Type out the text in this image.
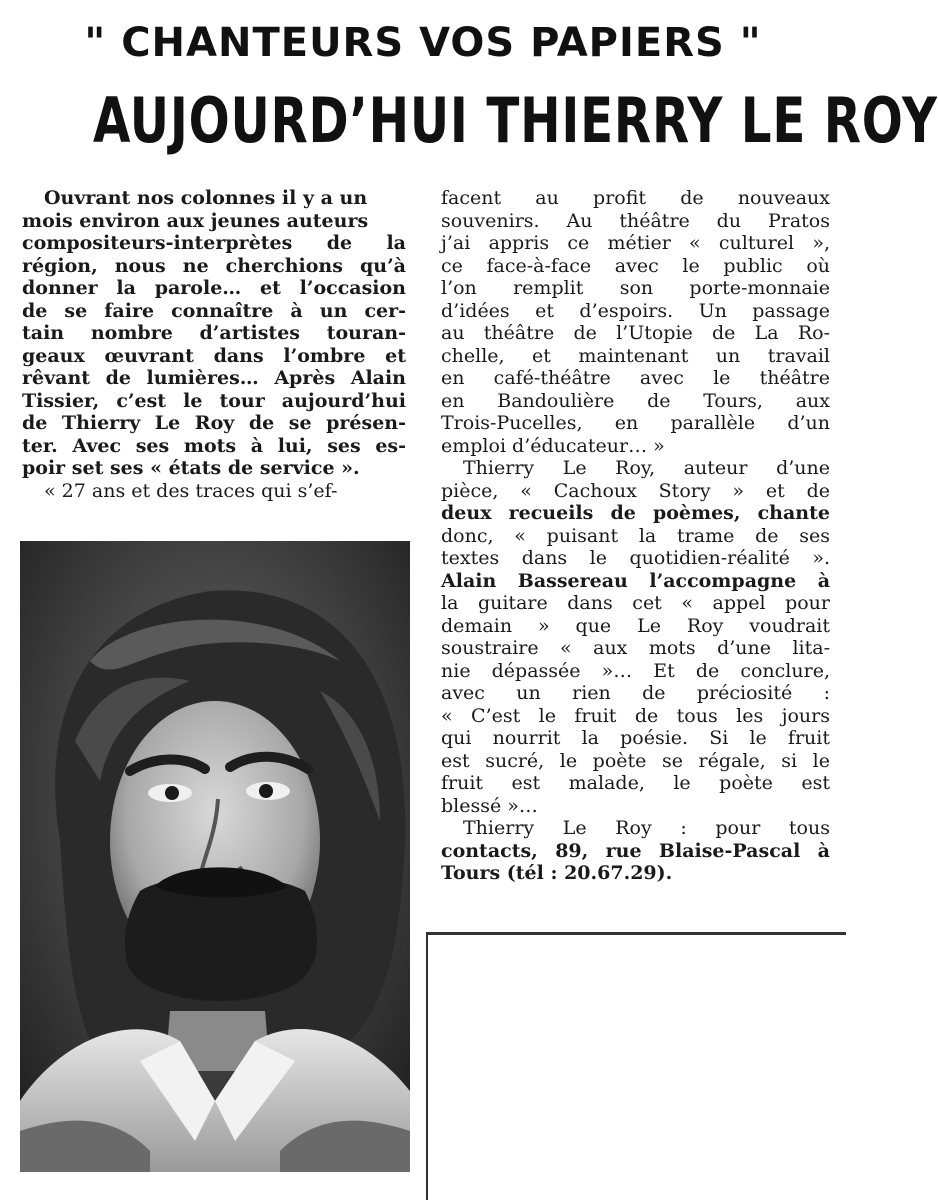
" CHANTEURS VOS PAPIERS "
AUJOURD’HUI THIERRY LE ROY
Ouvrant nos colonnes il y a un
mois environ aux jeunes auteurs
compositeurs-interprètes de la
région, nous ne cherchions qu’à
donner la parole… et l’occasion
de se faire connaître à un cer-
tain nombre d’artistes touran-
geaux œuvrant dans l’ombre et
rêvant de lumières… Après Alain
Tissier, c’est le tour aujourd’hui
de Thierry Le Roy de se présen-
ter. Avec ses mots à lui, ses es-
poir set ses « états de service ».
« 27 ans et des traces qui s’ef-
facent au profit de nouveaux
souvenirs. Au théâtre du Pratos
j’ai appris ce métier « culturel »,
ce face-à-face avec le public où
l’on remplit son porte-monnaie
d’idées et d’espoirs. Un passage
au théâtre de l’Utopie de La Ro-
chelle, et maintenant un travail
en café-théâtre avec le théâtre
en Bandoulière de Tours, aux
Trois-Pucelles, en parallèle d’un
emploi d’éducateur… »
Thierry Le Roy, auteur d’une
pièce, « Cachoux Story » et de
deux recueils de poèmes, chante
donc, « puisant la trame de ses
textes dans le quotidien-réalité ».
Alain Bassereau l’accompagne à
la guitare dans cet « appel pour
demain » que Le Roy voudrait
soustraire « aux mots d’une lita-
nie dépassée »… Et de conclure,
avec un rien de préciosité :
« C’est le fruit de tous les jours
qui nourrit la poésie. Si le fruit
est sucré, le poète se régale, si le
fruit est malade, le poète est
blessé »…
Thierry Le Roy : pour tous
contacts, 89, rue Blaise-Pascal à
Tours (tél : 20.67.29).
